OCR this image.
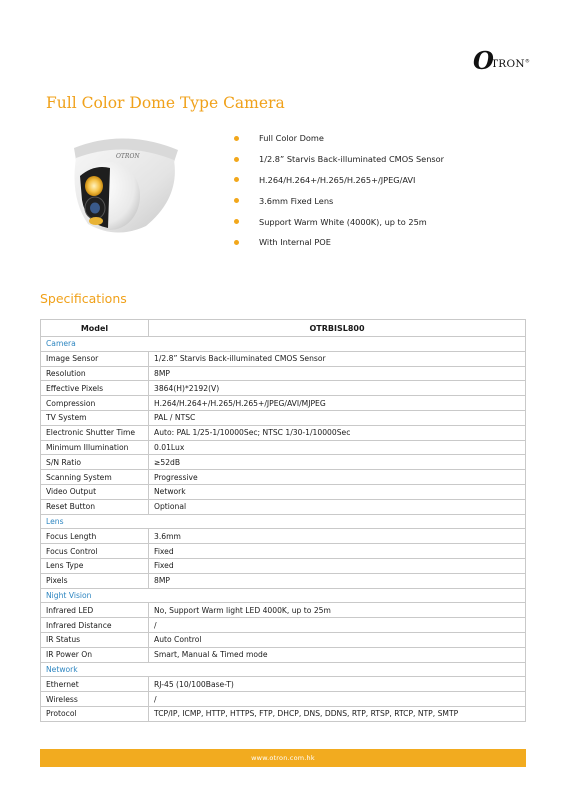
O
TRON®
Full Color Dome Type Camera
OTRON
Full Color Dome
1/2.8” Starvis Back-illuminated CMOS Sensor
H.264/H.264+/H.265/H.265+/JPEG/AVI
3.6mm Fixed Lens
Support Warm White (4000K), up to 25m
With Internal POE
Specifications
Model	OTRBISL800
Camera	
Image Sensor	1/2.8” Starvis Back-illuminated CMOS Sensor
Resolution	8MP
Effective Pixels	3864(H)*2192(V)
Compression	H.264/H.264+/H.265/H.265+/JPEG/AVI/MJPEG
TV System	PAL / NTSC
Electronic Shutter Time	Auto: PAL 1/25-1/10000Sec; NTSC 1/30-1/10000Sec
Minimum Illumination	0.01Lux
S/N Ratio	≥52dB
Scanning System	Progressive
Video Output	Network
Reset Button	Optional
Lens	
Focus Length	3.6mm
Focus Control	Fixed
Lens Type	Fixed
Pixels	8MP
Night Vision	
Infrared LED	No, Support Warm light LED 4000K, up to 25m
Infrared Distance	/
IR Status	Auto Control
IR Power On	Smart, Manual & Timed mode
Network	
Ethernet	RJ-45 (10/100Base-T)
Wireless	/
Protocol	TCP/IP, ICMP, HTTP, HTTPS, FTP, DHCP, DNS, DDNS, RTP, RTSP, RTCP, NTP, SMTP
www.otron.com.hk
